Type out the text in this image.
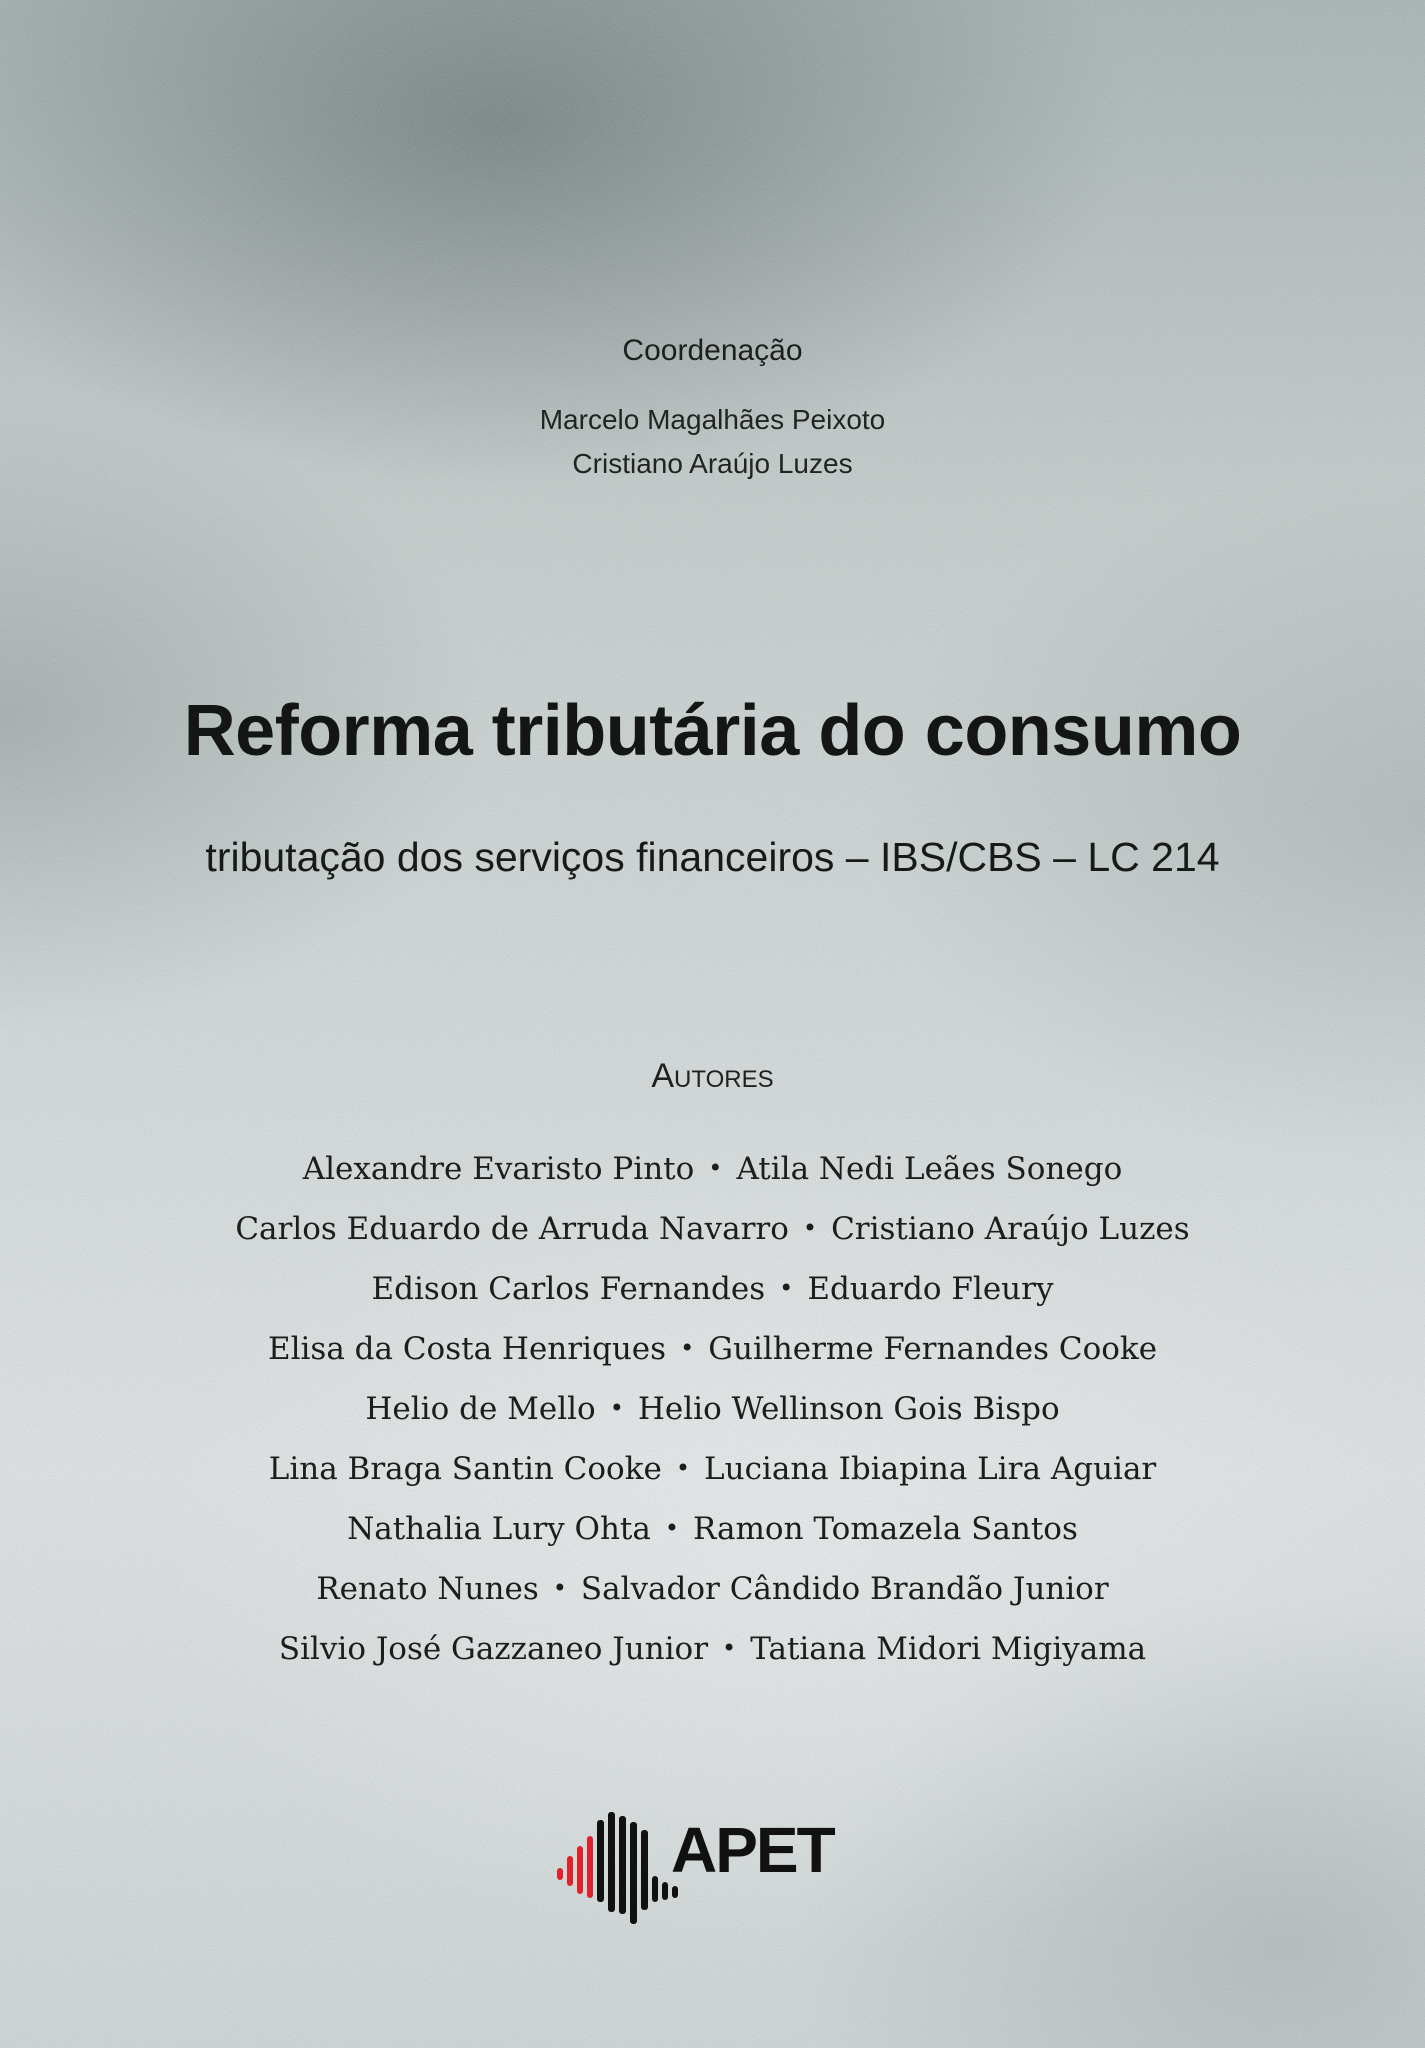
Coordenação
Marcelo Magalhães Peixoto
Cristiano Araújo Luzes
Reforma tributária do consumo
tributação dos serviços financeiros – IBS/CBS – LC 214
Autores
Alexandre Evaristo Pinto • Atila Nedi Leães Sonego
Carlos Eduardo de Arruda Navarro • Cristiano Araújo Luzes
Edison Carlos Fernandes • Eduardo Fleury
Elisa da Costa Henriques • Guilherme Fernandes Cooke
Helio de Mello • Helio Wellinson Gois Bispo
Lina Braga Santin Cooke • Luciana Ibiapina Lira Aguiar
Nathalia Lury Ohta • Ramon Tomazela Santos
Renato Nunes • Salvador Cândido Brandão Junior
Silvio José Gazzaneo Junior • Tatiana Midori Migiyama
APET
